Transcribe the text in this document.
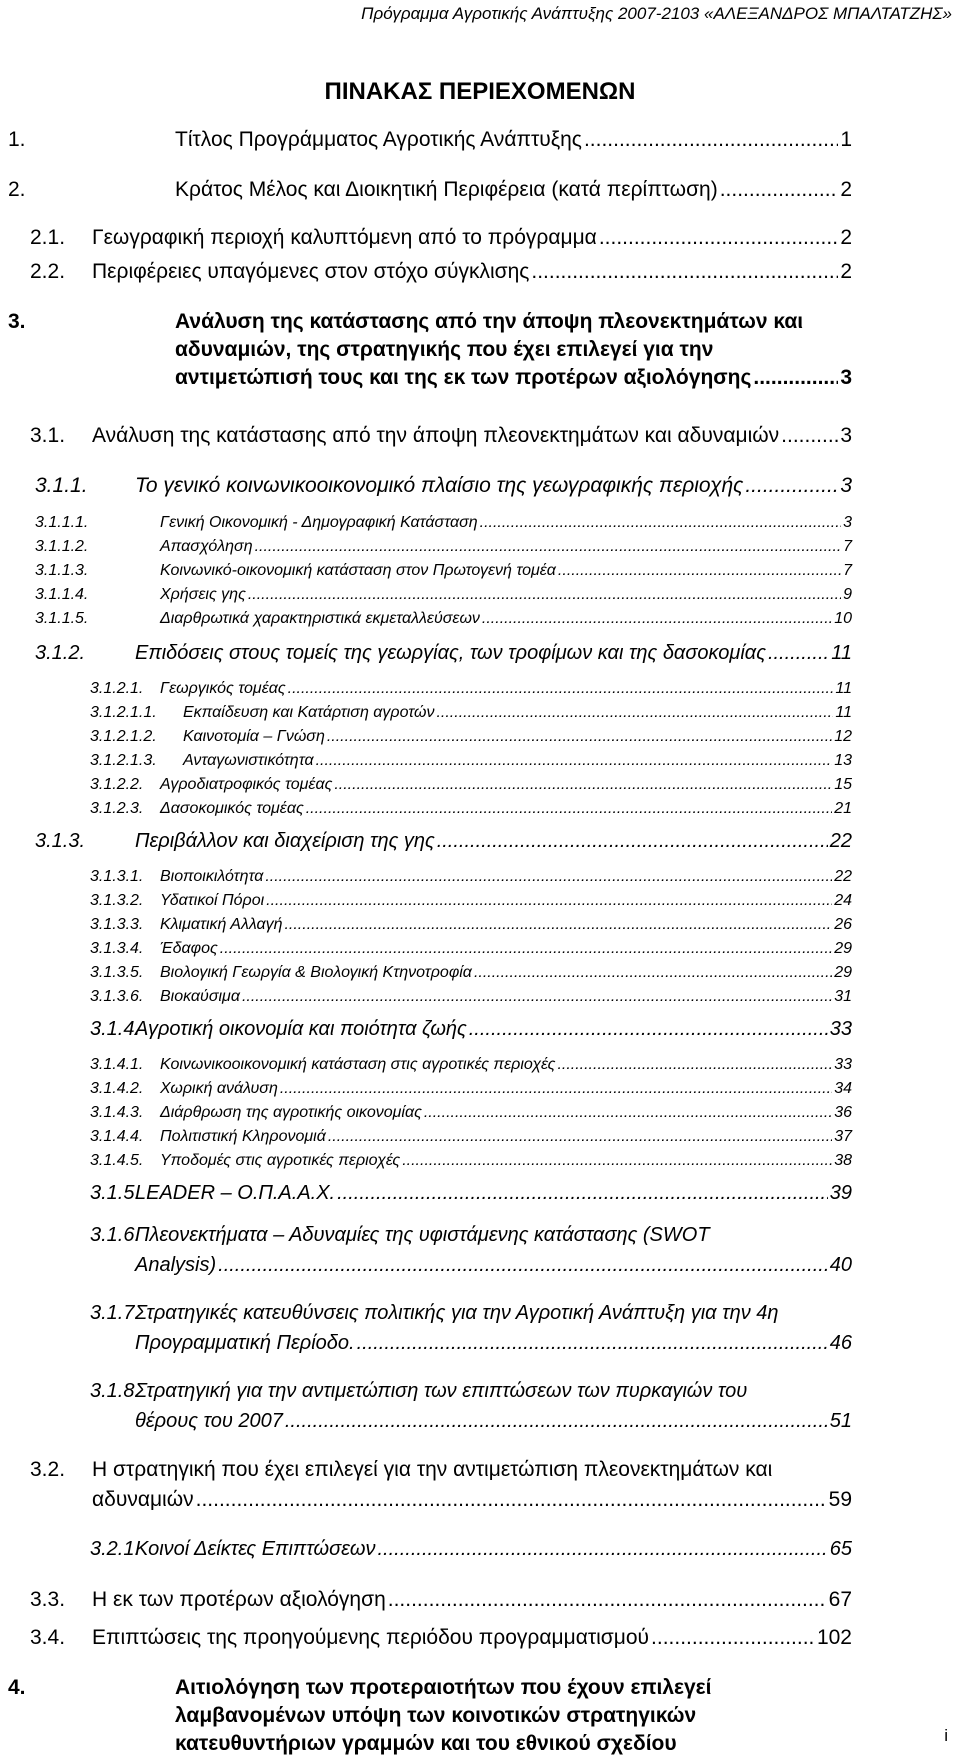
Πρόγραμμα Αγροτικής Ανάπτυξης 2007-2103 «ΑΛΕΞΑΝΔΡΟΣ ΜΠΑΛΤΑΤΖΗΣ»
ΠΙΝΑΚΑΣ ΠΕΡΙΕΧΟΜΕΝΩΝ
1.	Τίτλος Προγράμματος Αγροτικής Ανάπτυξης .....	1
2.	Κράτος Μέλος και Διοικητική Περιφέρεια (κατά περίπτωση) .....	2
2.1. Γεωγραφική περιοχή καλυπτόμενη από το πρόγραμμα .....	2
2.2. Περιφέρειες υπαγόμενες στον στόχο σύγκλισης .....	2
3.	Ανάλυση της κατάστασης από την άποψη πλεονεκτημάτων και
αδυναμιών, της στρατηγικής που έχει επιλεγεί για την
αντιμετώπισή τους και της εκ των προτέρων αξιολόγησης .....	3
3.1. Ανάλυση της κατάστασης από την άποψη πλεονεκτημάτων και αδυναμιών .....	3
3.1.1. Το γενικό κοινωνικοοικονομικό πλαίσιο της γεωγραφικής περιοχής .....	3
3.1.1.1.	Γενική Οικονομική - Δημογραφική Κατάσταση .....	3
3.1.1.2.	Απασχόληση .....	7
3.1.1.3.	Κοινωνικό-οικονομική κατάσταση στον Πρωτογενή τομέα .....	7
3.1.1.4.	Χρήσεις γης .....	9
3.1.1.5.	Διαρθρωτικά χαρακτηριστικά εκμεταλλεύσεων .....	10
3.1.2. Επιδόσεις στους τομείς της γεωργίας, των τροφίμων και της δασοκομίας .....	11
3.1.2.1. Γεωργικός τομέας .....	11
3.1.2.1.1. Εκπαίδευση και Κατάρτιση αγροτών .....	11
3.1.2.1.2. Καινοτομία – Γνώση .....	12
3.1.2.1.3. Ανταγωνιστικότητα .....	13
3.1.2.2. Αγροδιατροφικός τομέας .....	15
3.1.2.3. Δασοκομικός τομέας .....	21
3.1.3. Περιβάλλον και διαχείριση της γης .....	22
3.1.3.1. Βιοποικιλότητα .....	22
3.1.3.2. Υδατικοί Πόροι .....	24
3.1.3.3. Κλιματική Αλλαγή .....	26
3.1.3.4. Έδαφος .....	29
3.1.3.5. Βιολογική Γεωργία & Βιολογική Κτηνοτροφία .....	29
3.1.3.6. Βιοκαύσιμα .....	31
3.1.4.
Αγροτική οικονομία και ποιότητα ζωής .....	33
3.1.4.1. Κοινωνικοοικονομική κατάσταση στις αγροτικές περιοχές .....	33
3.1.4.2. Χωρική ανάλυση .....	34
3.1.4.3. Διάρθρωση της αγροτικής οικονομίας .....	36
3.1.4.4. Πολιτιστική Κληρονομιά .....	37
3.1.4.5. Υποδομές στις αγροτικές περιοχές .....	38
3.1.5.
LEADER – Ο.Π.Α.Α.Χ. .....	39
3.1.6.
Πλεονεκτήματα – Αδυναμίες της υφιστάμενης κατάστασης (SWOT
Analysis) .....	40
3.1.7.
Στρατηγικές κατευθύνσεις πολιτικής για την Αγροτική Ανάπτυξη για την 4η
Προγραμματική Περίοδο. .....	46
3.1.8.
Στρατηγική για την αντιμετώπιση των επιπτώσεων των πυρκαγιών του
θέρους του 2007 .....	51
3.2. Η στρατηγική που έχει επιλεγεί για την αντιμετώπιση πλεονεκτημάτων και
αδυναμιών .....	59
3.2.1.
Κοινοί Δείκτες Επιπτώσεων .....	65
3.3. Η εκ των προτέρων αξιολόγηση .....	67
3.4. Επιπτώσεις της προηγούμενης περιόδου προγραμματισμού .....	102
4.	Αιτιολόγηση των προτεραιοτήτων που έχουν επιλεγεί
λαμβανομένων υπόψη των κοινοτικών στρατηγικών
κατευθυντήριων γραμμών και του εθνικού σχεδίου	i
